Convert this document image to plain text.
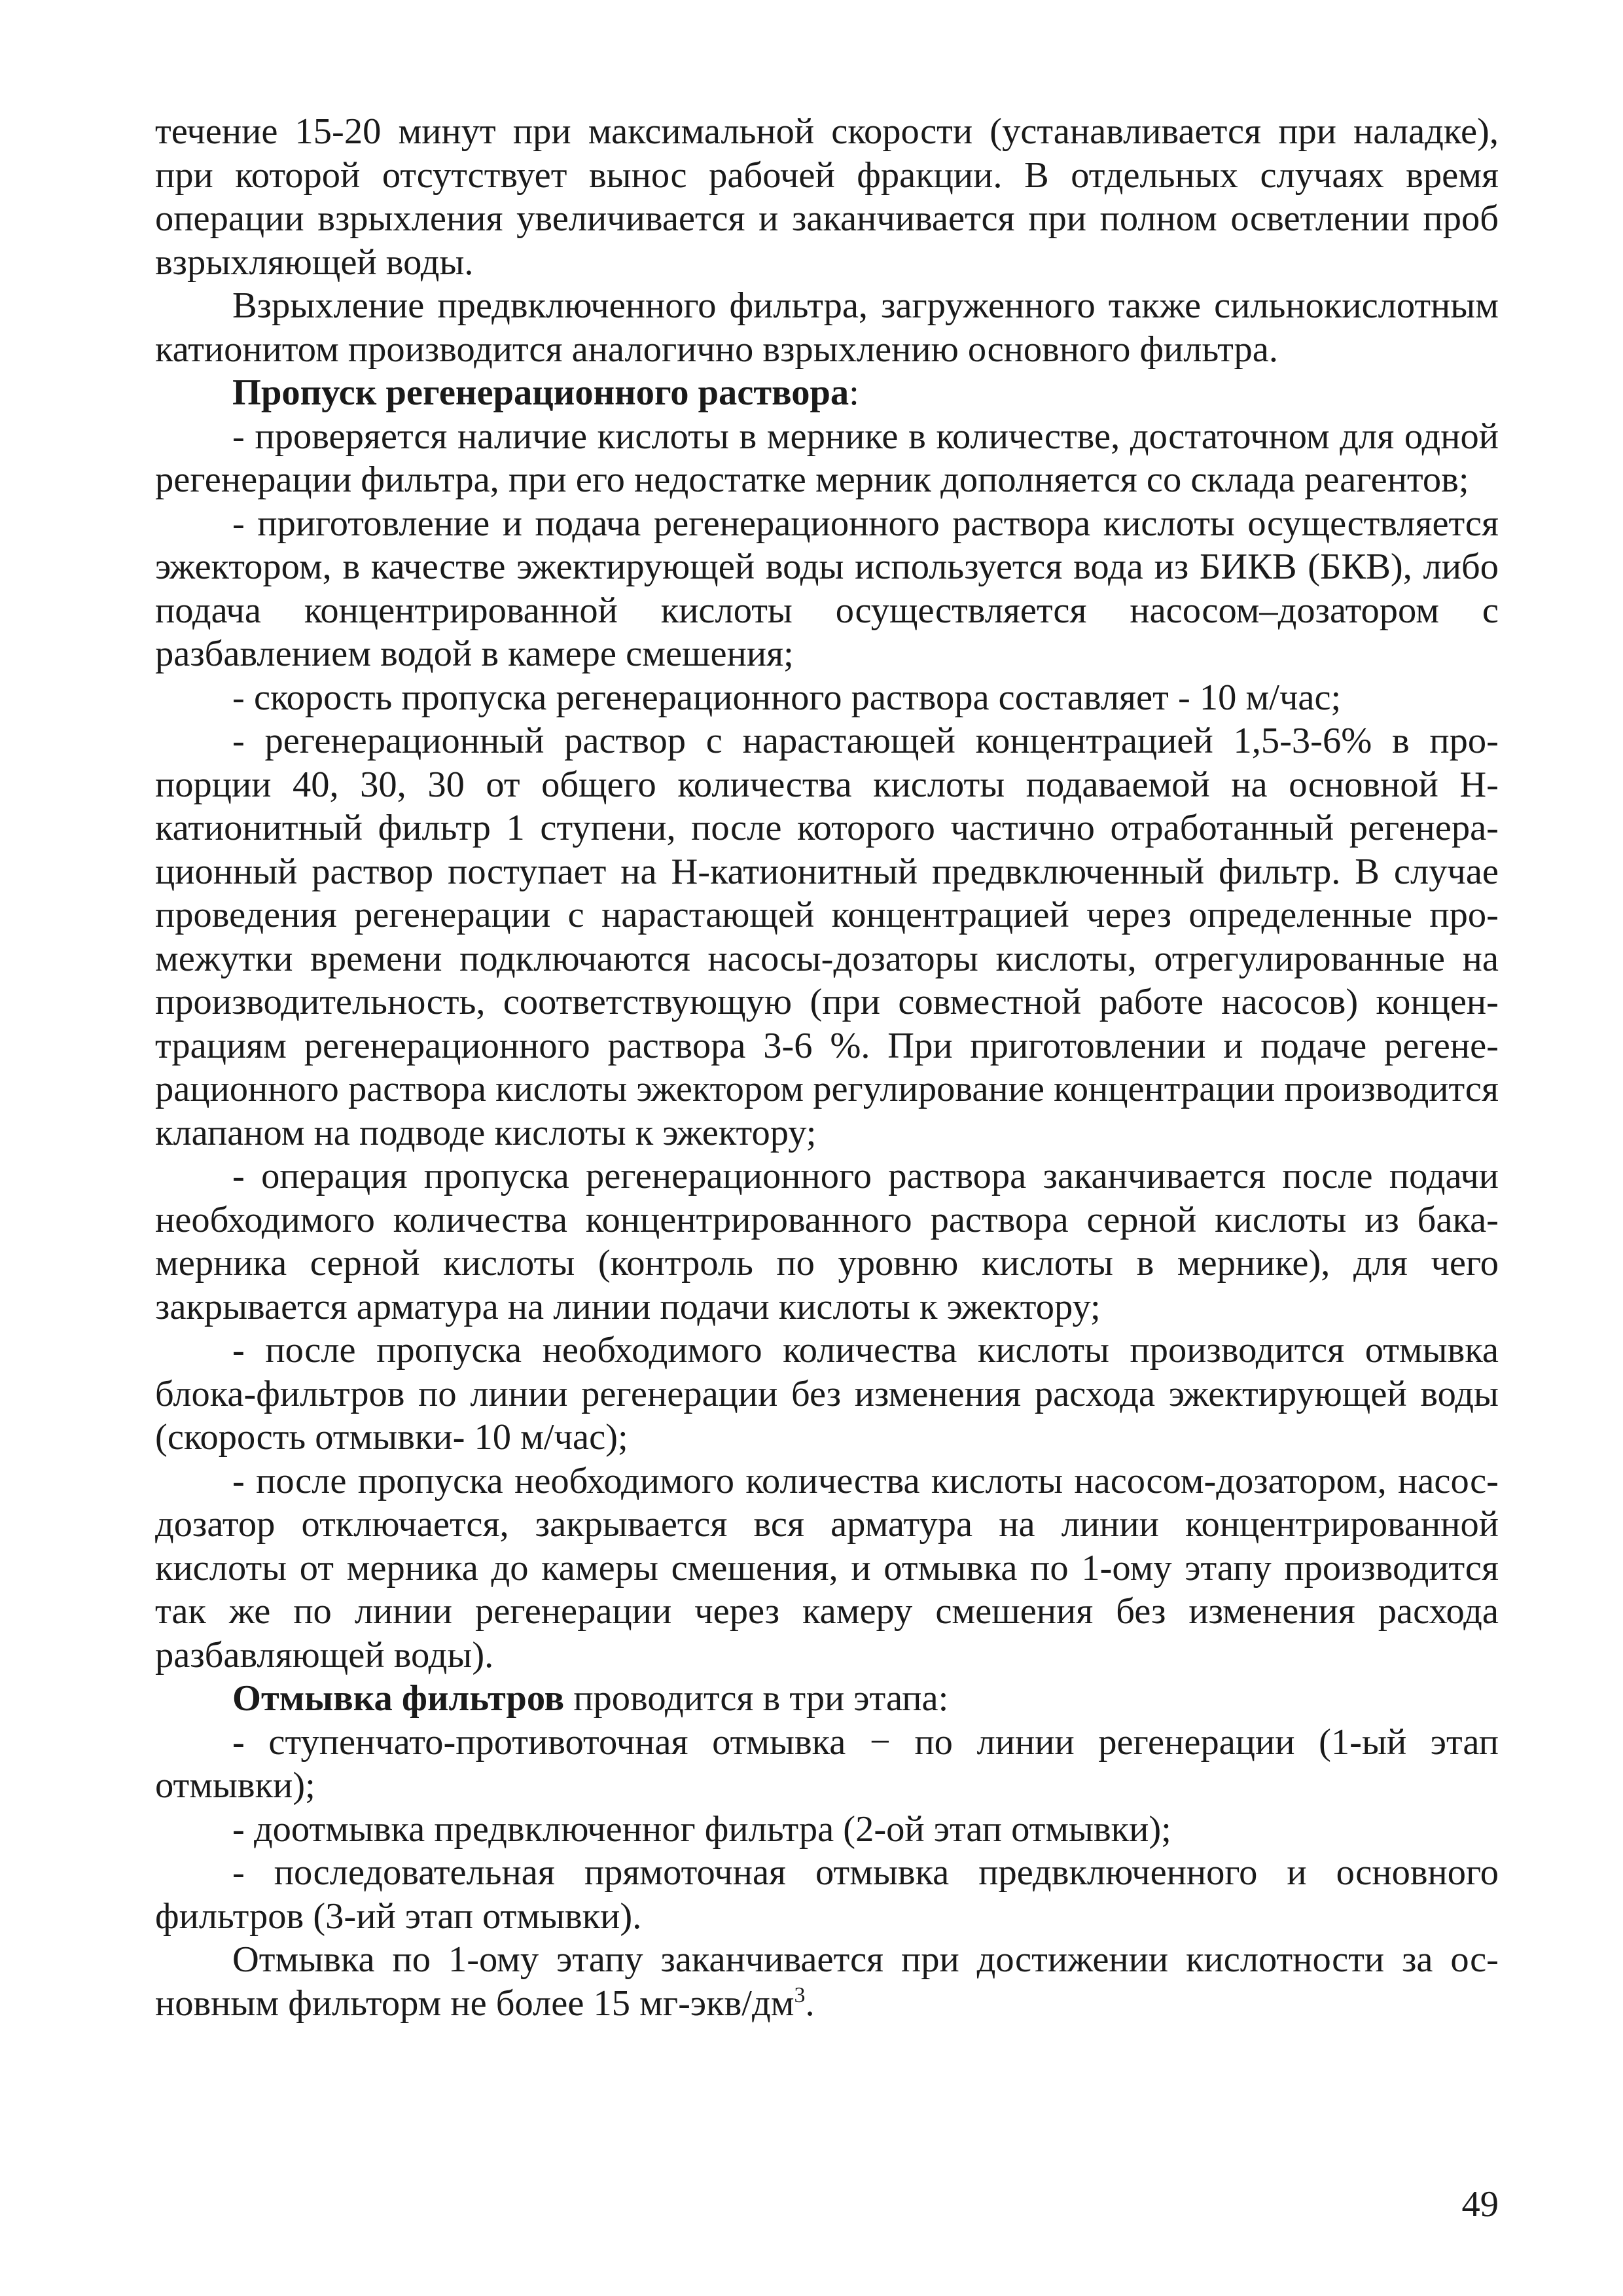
течение 15-20 минут при максимальной скорости (устанавливается при наладке), при которой отсутствует вынос рабочей фракции. В отдельных случаях время операции взрыхления увеличивается и заканчивается при полном осветлении проб взрыхляющей воды.

Взрыхление предвключенного фильтра, загруженного также сильнокислотным катионитом производится аналогично взрыхлению основного фильтра.

Пропуск регенерационного раствора:

- проверяется наличие кислоты в мернике в количестве, достаточном для одной регенерации фильтра, при его недостатке мерник дополняется со склада реагентов;

- приготовление и подача регенерационного раствора кислоты осуществляется эжектором, в качестве эжектирующей воды используется вода из БИКВ (БКВ), либо подача концентрированной кислоты осуществляется насосом–дозатором с разбавлением водой в камере смешения;

- скорость пропуска регенерационного раствора составляет - 10 м/час;

- регенерационный раствор с нарастающей концентрацией 1,5-3-6% в пропорции 40, 30, 30 от общего количества кислоты подаваемой на основной Н-катионитный фильтр 1 ступени, после которого частично отработанный регенерационный раствор поступает на Н-катионитный предвключенный фильтр. В случае проведения регенерации с нарастающей концентрацией через определенные промежутки времени подключаются насосы-дозаторы кислоты, отрегулированные на производительность, соответствующую (при совместной работе насосов) концентрациям регенерационного раствора 3-6 %. При приготовлении и подаче регенерационного раствора кислоты эжектором регулирование концентрации производится клапаном на подводе кислоты к эжектору;

- операция пропуска регенерационного раствора заканчивается после подачи необходимого количества концентрированного раствора серной кислоты из бака-мерника серной кислоты (контроль по уровню кислоты в мернике), для чего закрывается арматура на линии подачи кислоты к эжектору;

- после пропуска необходимого количества кислоты производится отмывка блока-фильтров по линии регенерации без изменения расхода эжектирующей воды (скорость отмывки- 10 м/час);

- после пропуска необходимого количества кислоты насосом-дозатором, насос-дозатор отключается, закрывается вся арматура на линии концентрированной кислоты от мерника до камеры смешения, и отмывка по 1-ому этапу производится так же по линии регенерации через камеру смешения без изменения расхода разбавляющей воды).

Отмывка фильтров проводится в три этапа:

- ступенчато-противоточная отмывка − по линии регенерации (1-ый этап отмывки);

- доотмывка предвключенног фильтра (2-ой этап отмывки);

- последовательная прямоточная отмывка предвключенного и основного фильтров (3-ий этап отмывки).

Отмывка по 1-ому этапу заканчивается при достижении кислотности за основным фильторм не более 15 $мг-экв/дм^3$.

49
